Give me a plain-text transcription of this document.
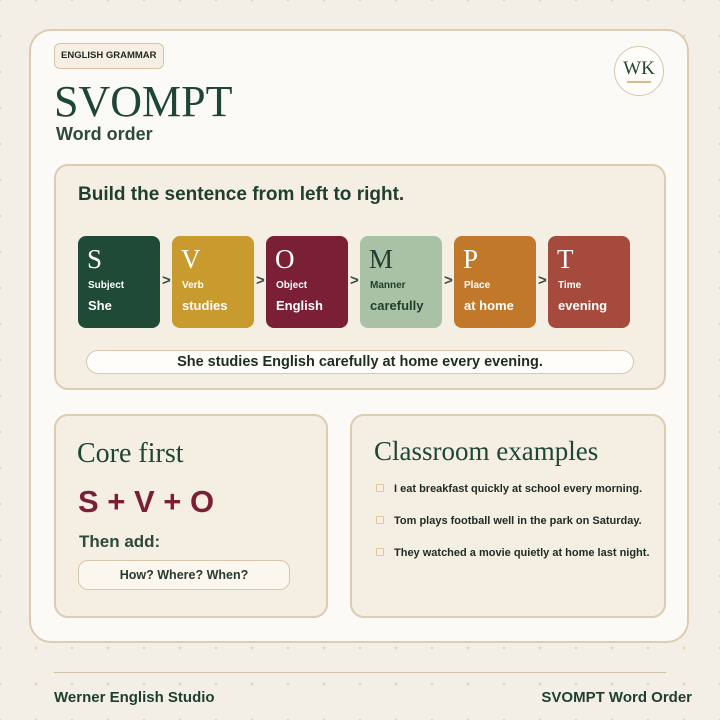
ENGLISH GRAMMAR
SVOMPT
Word order
WK
Build the sentence from left to right.
S
Subject
She
>
V
Verb
studies
>
O
Object
English
>
M
Manner
carefully
>
P
Place
at home
>
T
Time
evening
She studies English carefully at home every evening.
Core first
S + V + O
Then add:
How? Where? When?
Classroom examples
I eat breakfast quickly at school every morning.
Tom plays football well in the park on Saturday.
They watched a movie quietly at home last night.
Werner English Studio	SVOMPT Word Order
